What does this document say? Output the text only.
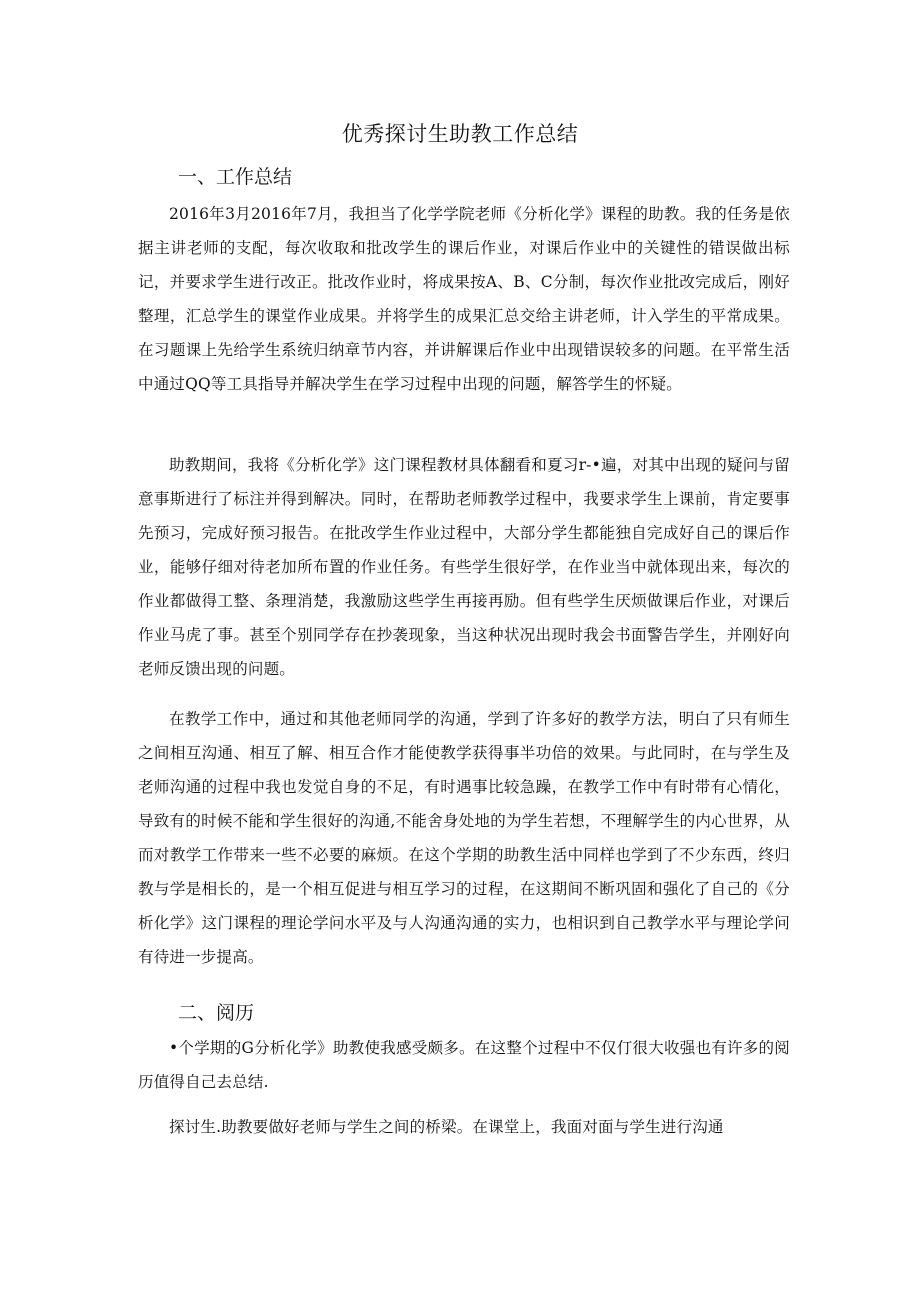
优秀探讨生助教工作总结
一、工作总结
2016年3月2016年7月，我担当了化学学院老师《分析化学》课程的助教。我的任务是依据主讲老师的支配，每次收取和批改学生的课后作业，对课后作业中的关键性的错误做出标记，并要求学生进行改正。批改作业时，将成果按A、B、C分制，每次作业批改完成后，刚好整理，汇总学生的课堂作业成果。并将学生的成果汇总交给主讲老师，计入学生的平常成果。在习题课上先给学生系统归纳章节内容，并讲解课后作业中出现错误较多的问题。在平常生活中通过QQ等工具指导并解决学生在学习过程中出现的问题，解答学生的怀疑。
助教期间，我将《分析化学》这门课程教材具体翻看和夏习r-•遍，对其中出现的疑问与留意事斯进行了标注并得到解决。同时，在帮助老师教学过程中，我要求学生上课前，肯定要事先预习，完成好预习报告。在批改学生作业过程中，大部分学生都能独自完成好自己的课后作业，能够仔细对待老加所布置的作业任务。有些学生很好学，在作业当中就体现出来，每次的作业都做得工整、条理消楚，我激励这些学生再接再励。但有些学生厌烦做课后作业，对课后作业马虎了事。甚至个别同学存在抄袭现象，当这种状况出现时我会书面警告学生，并刚好向老师反馈出现的问题。
在教学工作中，通过和其他老师同学的沟通，学到了许多好的教学方法，明白了只有师生之间相互沟通、相互了解、相互合作才能使教学获得事半功倍的效果。与此同时，在与学生及老师沟通的过程中我也发觉自身的不足，有时遇事比较急躁，在教学工作中有时带有心情化，导致有的时候不能和学生很好的沟通,不能舍身处地的为学生若想，不理解学生的内心世界，从而对教学工作带来一些不必要的麻烦。在这个学期的助教生活中同样也学到了不少东西，终归教与学是相长的，是一个相互促进与相互学习的过程，在这期间不断巩固和强化了自己的《分析化学》这门课程的理论学问水平及与人沟通沟通的实力，也相识到自己教学水平与理论学问有待进一步提高。
二、阅历
•个学期的G分析化学》助教使我感受颇多。在这整个过程中不仅仃很大收强也有许多的阅历值得自己去总结.
探讨生.助教要做好老师与学生之间的桥梁。在课堂上，我面对面与学生进行沟通
